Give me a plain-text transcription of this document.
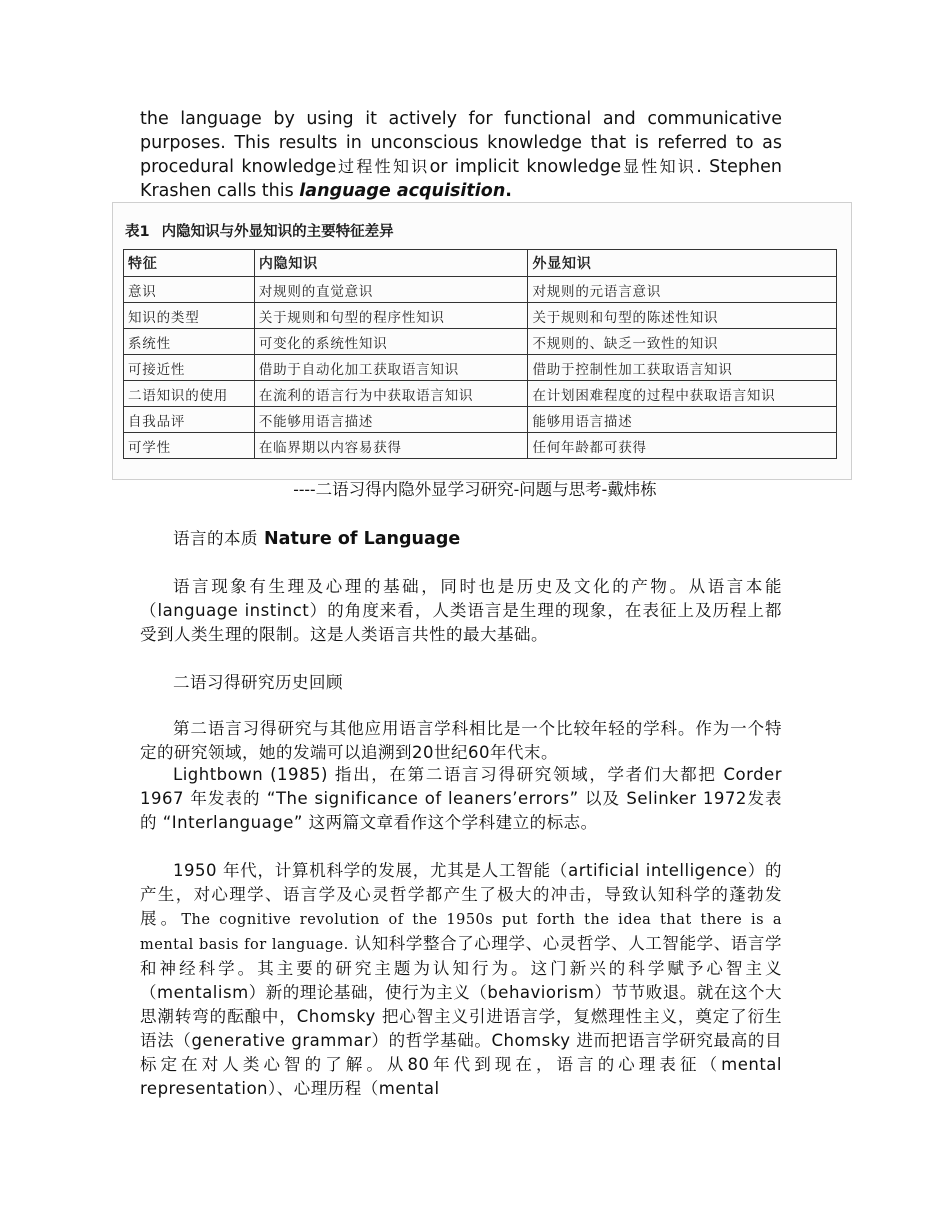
the language by using it actively for functional and communicative purposes. This results in unconscious knowledge that is referred to as procedural knowledge过程性知识or implicit knowledge显性知识. Stephen Krashen calls this language acquisition.

表1 内隐知识与外显知识的主要特征差异
特征	内隐知识	外显知识
意识	对规则的直觉意识	对规则的元语言意识
知识的类型	关于规则和句型的程序性知识	关于规则和句型的陈述性知识
系统性	可变化的系统性知识	不规则的、缺乏一致性的知识
可接近性	借助于自动化加工获取语言知识	借助于控制性加工获取语言知识
二语知识的使用	在流利的语言行为中获取语言知识	在计划困难程度的过程中获取语言知识
自我品评	不能够用语言描述	能够用语言描述
可学性	在临界期以内容易获得	任何年龄都可获得
----二语习得内隐外显学习研究-问题与思考-戴炜栋

语言的本质 Nature of Language

语言现象有生理及心理的基础，同时也是历史及文化的产物。从语言本能（language instinct）的角度来看，人类语言是生理的现象，在表征上及历程上都受到人类生理的限制。这是人类语言共性的最大基础。

二语习得研究历史回顾

第二语言习得研究与其他应用语言学科相比是一个比较年轻的学科。作为一个特定的研究领域，她的发端可以追溯到20世纪60年代末。

Lightbown (1985) 指出，在第二语言习得研究领域，学者们大都把 Corder 1967 年发表的 “The significance of leaners’errors” 以及 Selinker 1972发表的 “Interlanguage” 这两篇文章看作这个学科建立的标志。

1950 年代，计算机科学的发展，尤其是人工智能（artificial intelligence）的产生，对心理学、语言学及心灵哲学都产生了极大的冲击，导致认知科学的蓬勃发展。The cognitive revolution of the 1950s put forth the idea that there is a mental basis for language. 认知科学整合了心理学、心灵哲学、人工智能学、语言学和神经科学。其主要的研究主题为认知行为。这门新兴的科学赋予心智主义（mentalism）新的理论基础，使行为主义（behaviorism）节节败退。就在这个大思潮转弯的酝酿中，Chomsky 把心智主义引进语言学，复燃理性主义，奠定了衍生语法（generative grammar）的哲学基础。Chomsky 进而把语言学研究最高的目标定在对人类心智的了解。从80年代到现在，语言的心理表征（mental representation）、心理历程（mental
